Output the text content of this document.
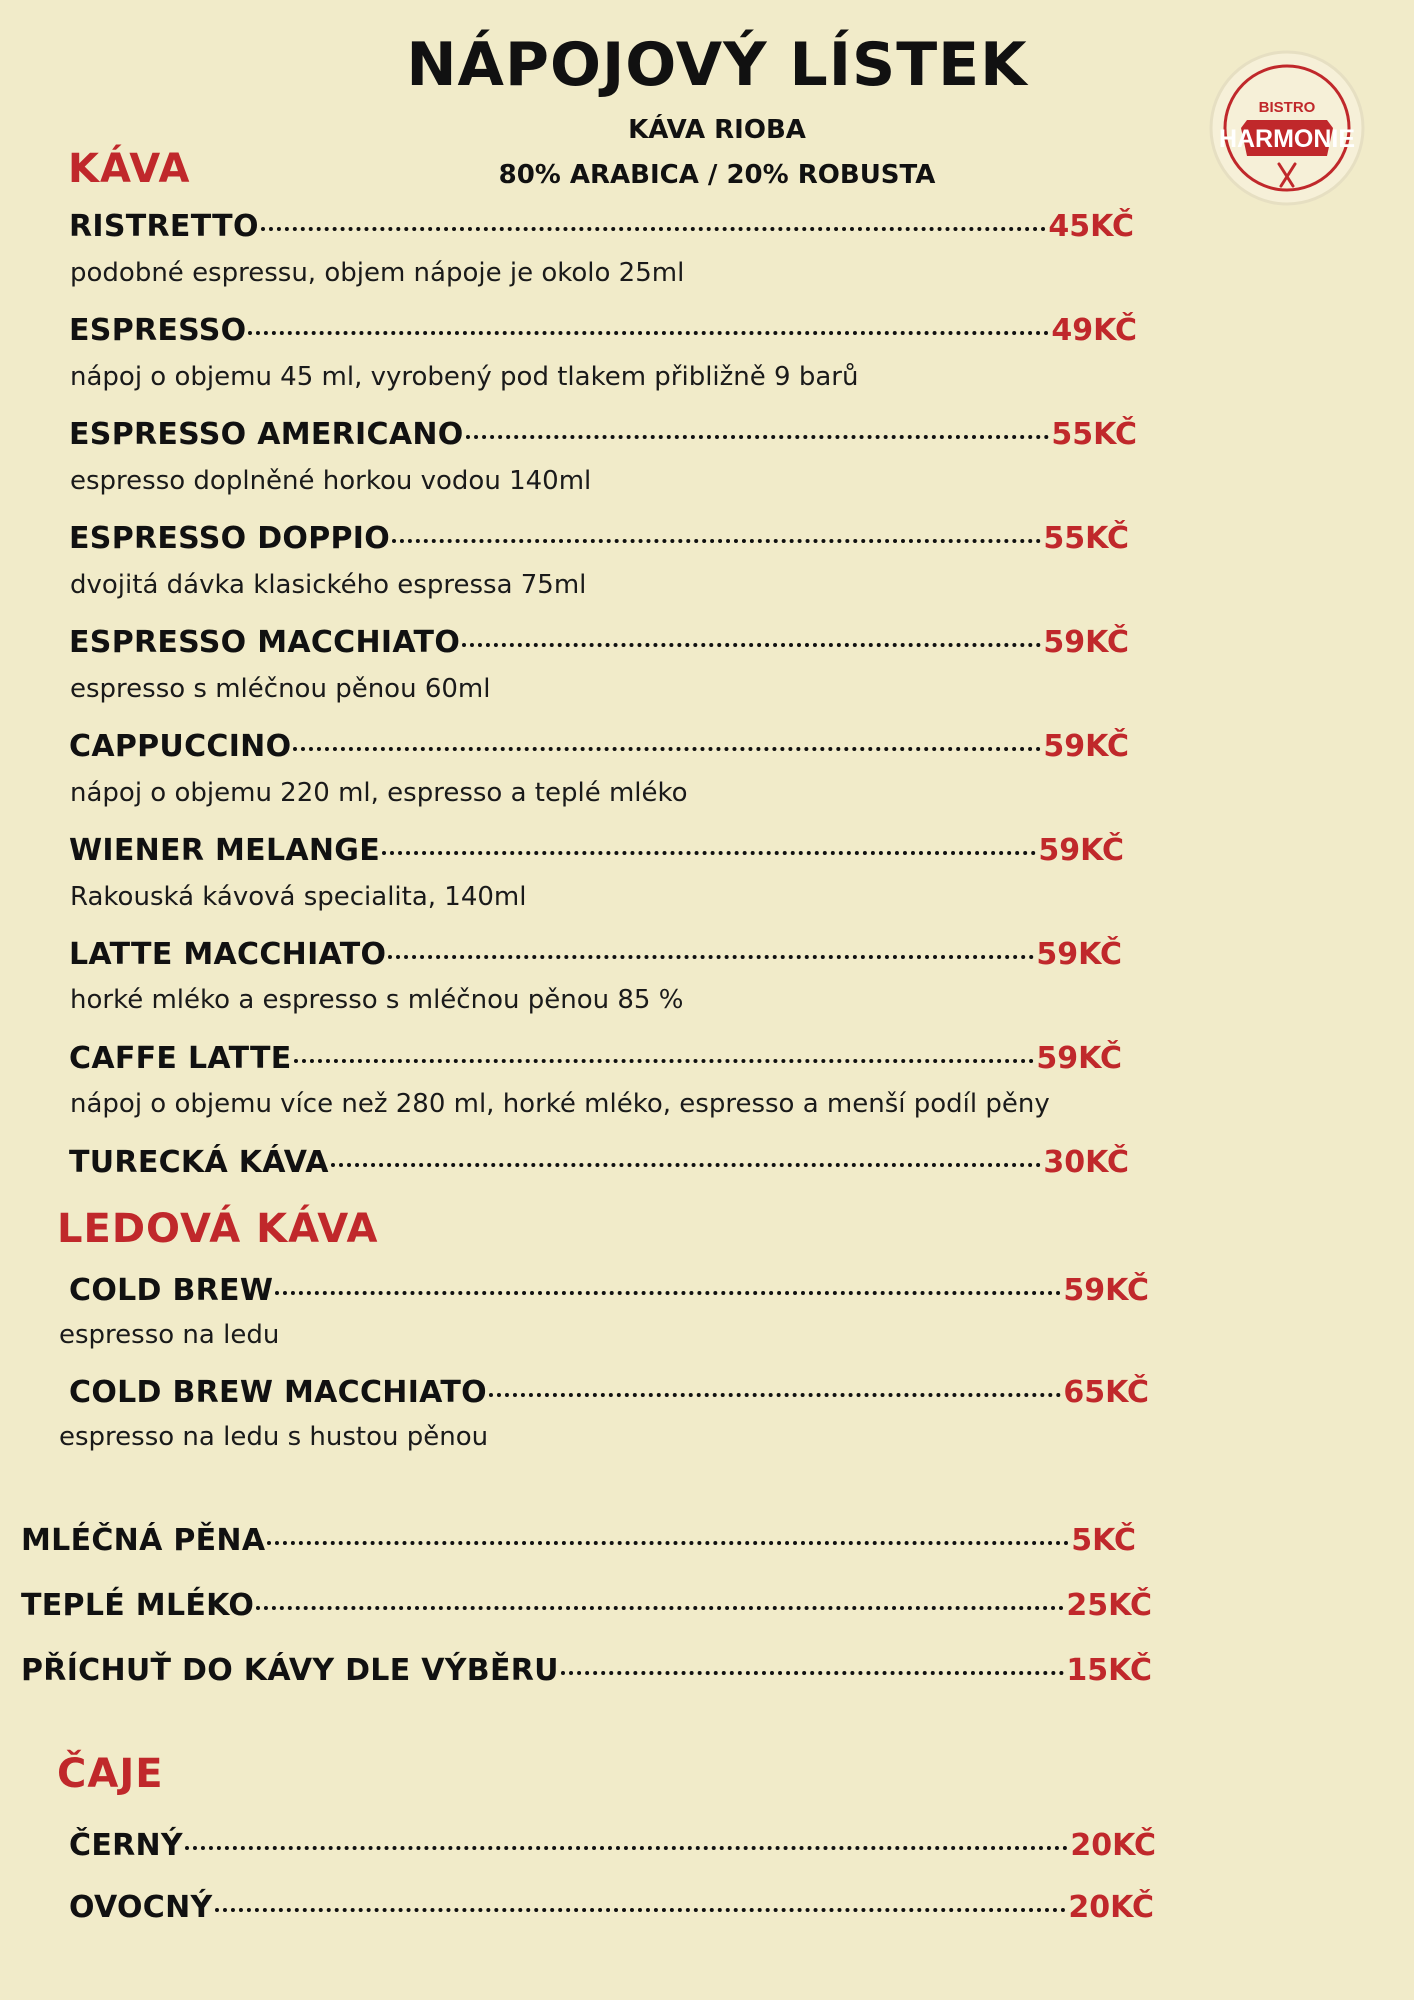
NÁPOJOVÝ LÍSTEK
KÁVA RIOBA
80% ARABICA / 20% ROBUSTA
BISTRO
HARMONIE
KÁVA
RISTRETTO	45KČ
podobné espressu, objem nápoje je okolo 25ml
ESPRESSO	49KČ
nápoj o objemu 45 ml, vyrobený pod tlakem přibližně 9 barů
ESPRESSO AMERICANO	55KČ
espresso doplněné horkou vodou 140ml
ESPRESSO DOPPIO	55KČ
dvojitá dávka klasického espressa 75ml
ESPRESSO MACCHIATO	59KČ
espresso s mléčnou pěnou 60ml
CAPPUCCINO	59KČ
nápoj o objemu 220 ml, espresso a teplé mléko
WIENER MELANGE	59KČ
Rakouská kávová specialita, 140ml
LATTE MACCHIATO	59KČ
horké mléko a espresso s mléčnou pěnou 85 %
CAFFE LATTE	59KČ
nápoj o objemu více než 280 ml, horké mléko, espresso a menší podíl pěny
TURECKÁ KÁVA	30KČ
LEDOVÁ KÁVA
COLD BREW	59KČ
espresso na ledu
COLD BREW MACCHIATO	65KČ
espresso na ledu s hustou pěnou
MLÉČNÁ PĚNA	5KČ
TEPLÉ MLÉKO	25KČ
PŘÍCHUŤ DO KÁVY DLE VÝBĚRU	15KČ
ČAJE
ČERNÝ	20KČ
OVOCNÝ	20KČ
